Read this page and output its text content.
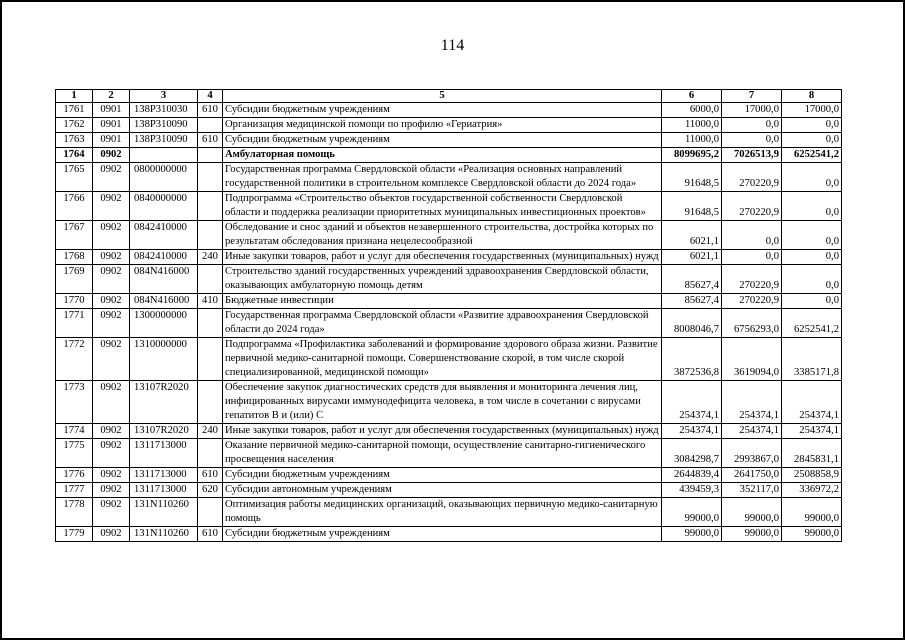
114
1	2	3	4	5	6	7	8
1761	0901	138Р310030	610	Субсидии бюджетным учреждениям	6000,0	17000,0	17000,0
1762	0901	138Р310090		Организация медицинской помощи по профилю «Гериатрия»	11000,0	0,0	0,0
1763	0901	138Р310090	610	Субсидии бюджетным учреждениям	11000,0	0,0	0,0
1764	0902			Амбулаторная помощь	8099695,2	7026513,9	6252541,2
1765	0902	0800000000		Государственная программа Свердловской области «Реализация основных направлений государственной политики в строительном комплексе Свердловской области до 2024 года»	91648,5	270220,9	0,0
1766	0902	0840000000		Подпрограмма «Строительство объектов государственной собственности Свердловской области и поддержка реализации приоритетных муниципальных инвестиционных проектов»	91648,5	270220,9	0,0
1767	0902	0842410000		Обследование и снос зданий и объектов незавершенного строительства, достройка которых по результатам обследования признана нецелесообразной	6021,1	0,0	0,0
1768	0902	0842410000	240	Иные закупки товаров, работ и услуг для обеспечения государственных (муниципальных) нужд	6021,1	0,0	0,0
1769	0902	084N416000		Строительство зданий государственных учреждений здравоохранения Свердловской области, оказывающих амбулаторную помощь детям	85627,4	270220,9	0,0
1770	0902	084N416000	410	Бюджетные инвестиции	85627,4	270220,9	0,0
1771	0902	1300000000		Государственная программа Свердловской области «Развитие здравоохранения Свердловской области до 2024 года»	8008046,7	6756293,0	6252541,2
1772	0902	1310000000		Подпрограмма «Профилактика заболеваний и формирование здорового образа жизни. Развитие первичной медико-санитарной помощи. Совершенствование скорой, в том числе скорой специализированной, медицинской помощи»	3872536,8	3619094,0	3385171,8
1773	0902	13107R2020		Обеспечение закупок диагностических средств для выявления и мониторинга лечения лиц, инфицированных вирусами иммунодефицита человека, в том числе в сочетании с вирусами гепатитов B и (или) C	254374,1	254374,1	254374,1
1774	0902	13107R2020	240	Иные закупки товаров, работ и услуг для обеспечения государственных (муниципальных) нужд	254374,1	254374,1	254374,1
1775	0902	1311713000		Оказание первичной медико-санитарной помощи, осуществление санитарно-гигиенического просвещения населения	3084298,7	2993867,0	2845831,1
1776	0902	1311713000	610	Субсидии бюджетным учреждениям	2644839,4	2641750,0	2508858,9
1777	0902	1311713000	620	Субсидии автономным учреждениям	439459,3	352117,0	336972,2
1778	0902	131N110260		Оптимизация работы медицинских организаций, оказывающих первичную медико-санитарную помощь	99000,0	99000,0	99000,0
1779	0902	131N110260	610	Субсидии бюджетным учреждениям	99000,0	99000,0	99000,0
